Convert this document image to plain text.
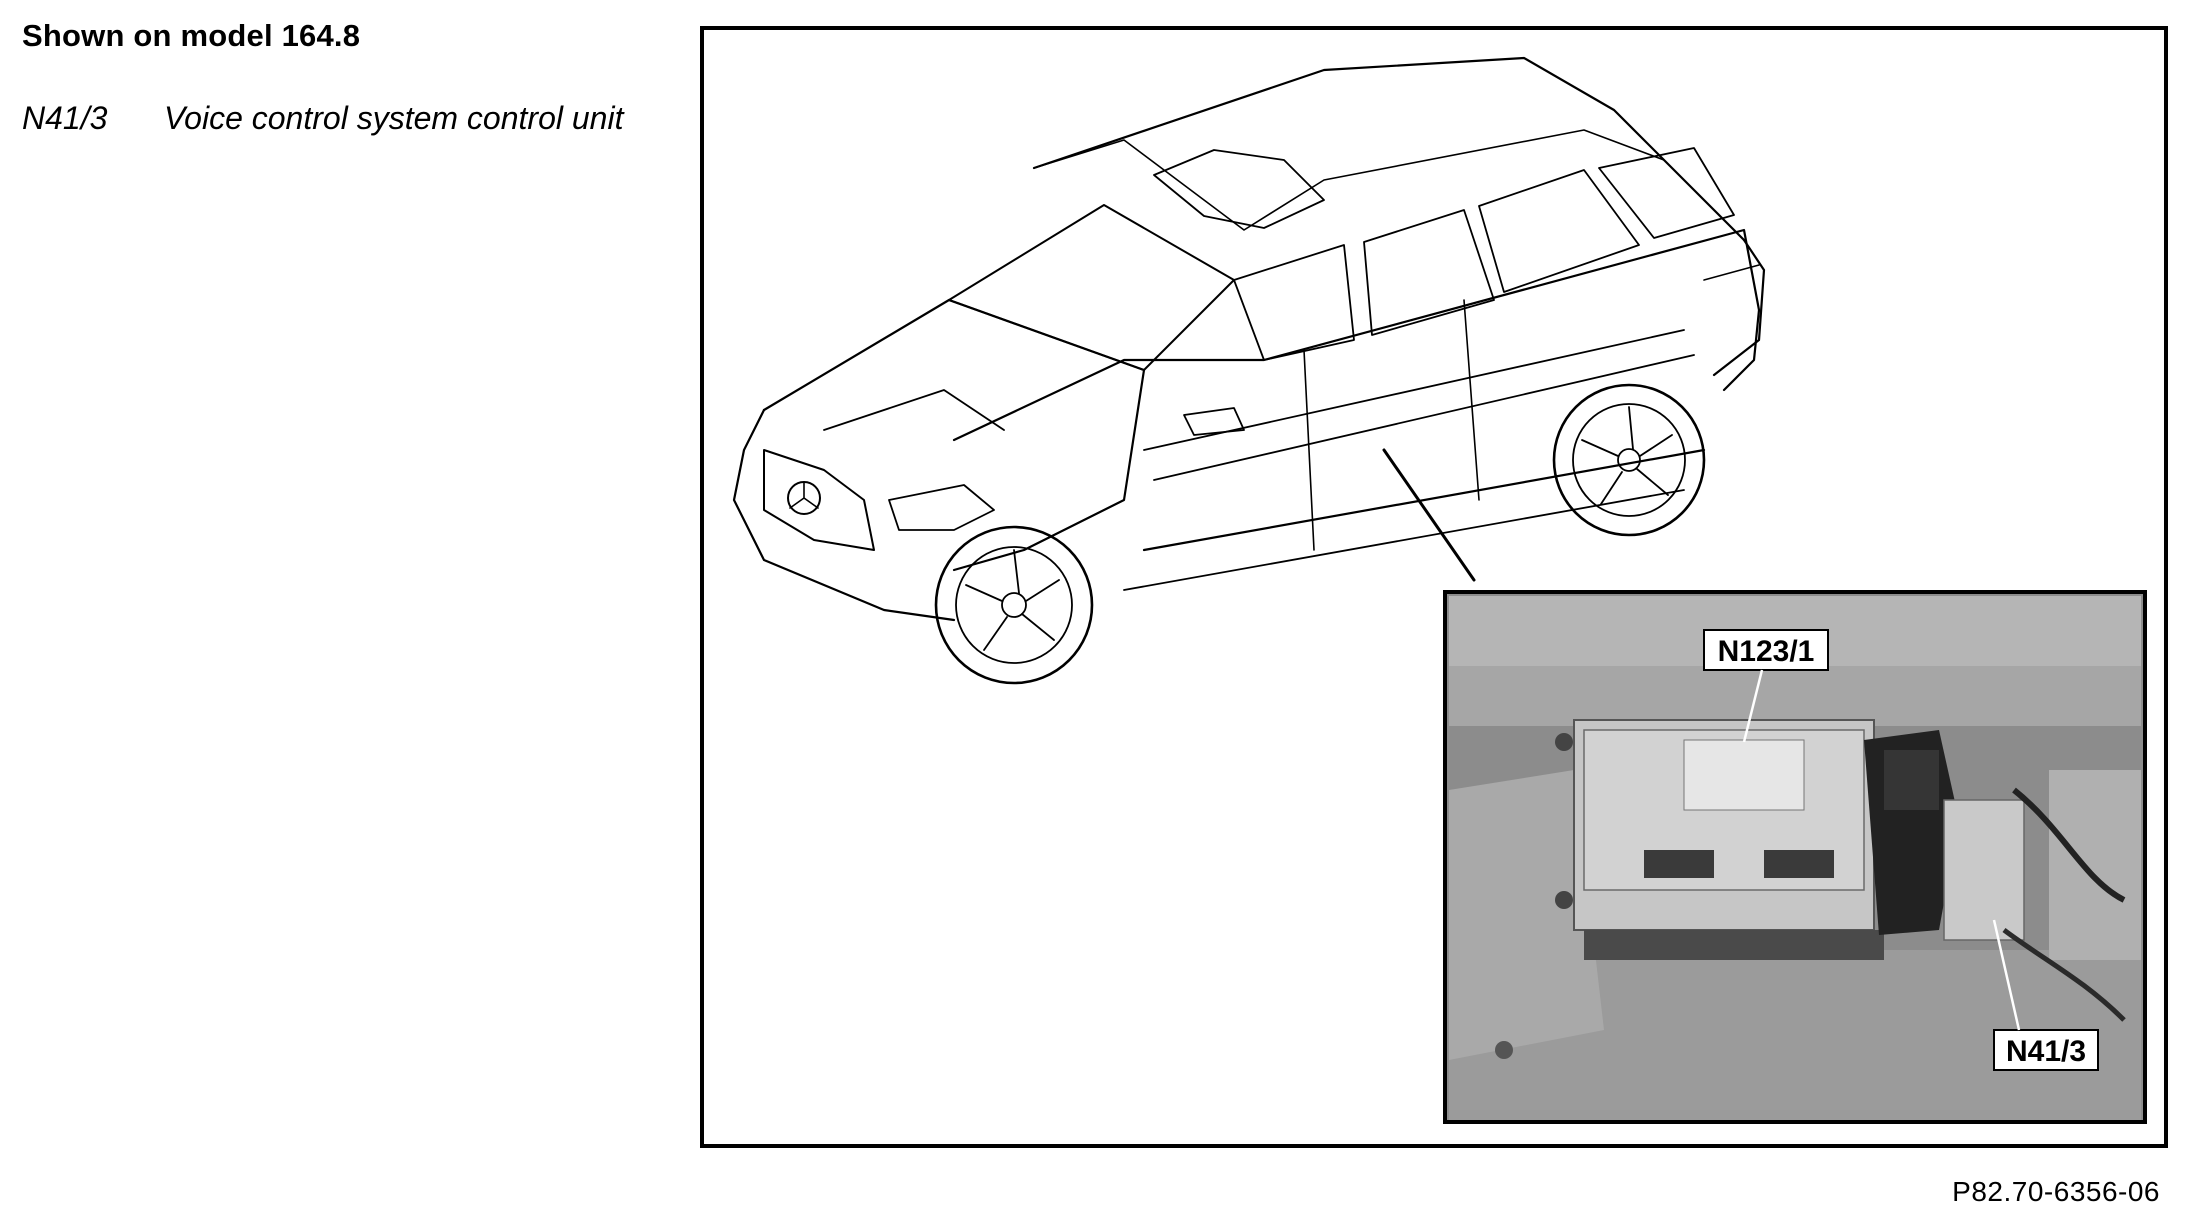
Shown on model 164.8
N41/3 Voice control system control unit
N123/1
N41/3
P82.70-6356-06
